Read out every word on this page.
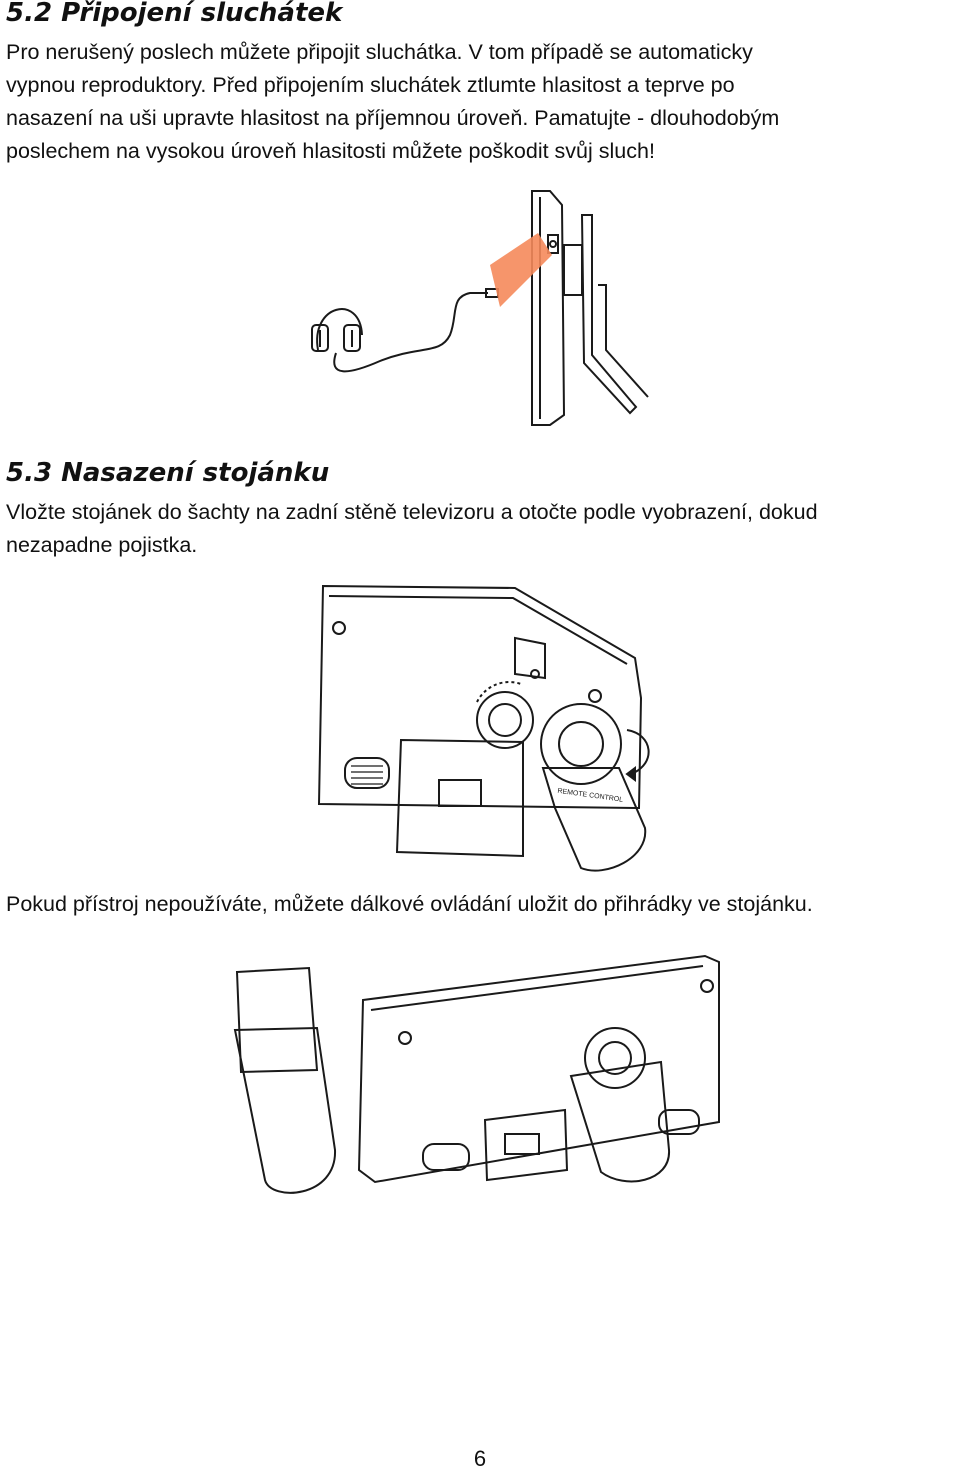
5.2 Připojení sluchátek
Pro nerušený poslech můžete připojit sluchátka. V tom případě se automaticky
vypnou reproduktory. Před připojením sluchátek ztlumte hlasitost a teprve po
nasazení na uši upravte hlasitost na příjemnou úroveň. Pamatujte - dlouhodobým
poslechem na vysokou úroveň hlasitosti můžete poškodit svůj sluch!
5.3 Nasazení stojánku
Vložte stojánek do šachty na zadní stěně televizoru a otočte podle vyobrazení, dokud
nezapadne pojistka.
REMOTE CONTROL
Pokud přístroj nepoužíváte, můžete dálkové ovládání uložit do přihrádky ve stojánku.
6
